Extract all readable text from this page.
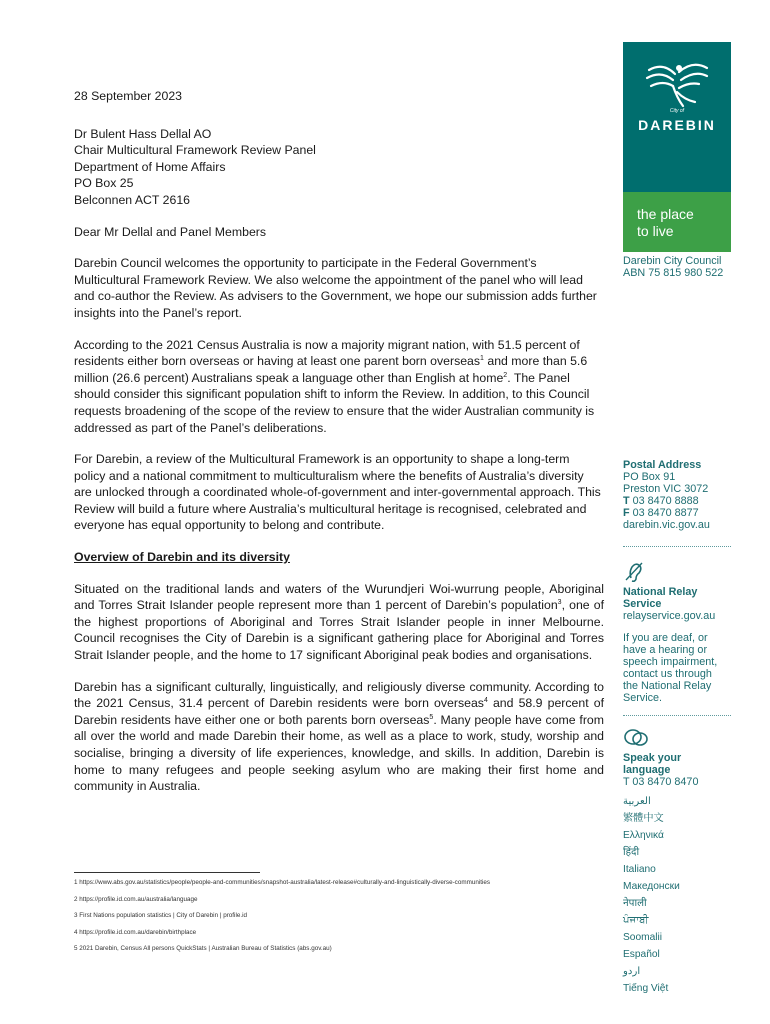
28 September 2023

Dr Bulent Hass Dellal AO
Chair Multicultural Framework Review Panel
Department of Home Affairs
PO Box 25
Belconnen ACT 2616

Dear Mr Dellal and Panel Members

Darebin Council welcomes the opportunity to participate in the Federal Government’s Multicultural Framework Review. We also welcome the appointment of the panel who will lead and co-author the Review. As advisers to the Government, we hope our submission adds further insights into the Panel’s report.

According to the 2021 Census Australia is now a majority migrant nation, with 51.5 percent of residents either born overseas or having at least one parent born overseas$^1$ and more than 5.6 million (26.6 percent) Australians speak a language other than English at home$^2$. The Panel should consider this significant population shift to inform the Review. In addition, to this Council requests broadening of the scope of the review to ensure that the wider Australian community is addressed as part of the Panel’s deliberations.

For Darebin, a review of the Multicultural Framework is an opportunity to shape a long-term policy and a national commitment to multiculturalism where the benefits of Australia’s diversity are unlocked through a coordinated whole-of-government and inter-governmental approach. This Review will build a future where Australia’s multicultural heritage is recognised, celebrated and everyone has equal opportunity to belong and contribute.

Overview of Darebin and its diversity

Situated on the traditional lands and waters of the Wurundjeri Woi-wurrung people, Aboriginal and Torres Strait Islander people represent more than 1 percent of Darebin’s population$^3$, one of the highest proportions of Aboriginal and Torres Strait Islander people in inner Melbourne. Council recognises the City of Darebin is a significant gathering place for Aboriginal and Torres Strait Islander people, and the home to 17 significant Aboriginal peak bodies and organisations.

Darebin has a significant culturally, linguistically, and religiously diverse community. According to the 2021 Census, 31.4 percent of Darebin residents were born overseas$^4$ and 58.9 percent of Darebin residents have either one or both parents born overseas$^5$. Many people have come from all over the world and made Darebin their home, as well as a place to work, study, worship and socialise, bringing a diversity of life experiences, knowledge, and skills. In addition, Darebin is home to many refugees and people seeking asylum who are making their first home and community in Australia.

1 https://www.abs.gov.au/statistics/people/people-and-communities/snapshot-australia/latest-release#culturally-and-linguistically-diverse-communities
2 https://profile.id.com.au/australia/language
3 First Nations population statistics | City of Darebin | profile.id
4 https://profile.id.com.au/darebin/birthplace
5 2021 Darebin, Census All persons QuickStats | Australian Bureau of Statistics (abs.gov.au)
City of
DAREBIN
the place
to live
Darebin City Council
ABN 75 815 980 522
Postal Address
PO Box 91
Preston VIC 3072
T 03 8470 8888
F 03 8470 8877
darebin.vic.gov.au
National Relay
Service
relayservice.gov.au
If you are deaf, or
have a hearing or
speech impairment,
contact us through
the National Relay
Service.
Speak your
language
T 03 8470 8470
العربية
繁體中文
Ελληνικά
हिंदी
Italiano
Македонски
नेपाली
ਪੰਜਾਬੀ
Soomalii
Español
اردو
Tiếng Việt
